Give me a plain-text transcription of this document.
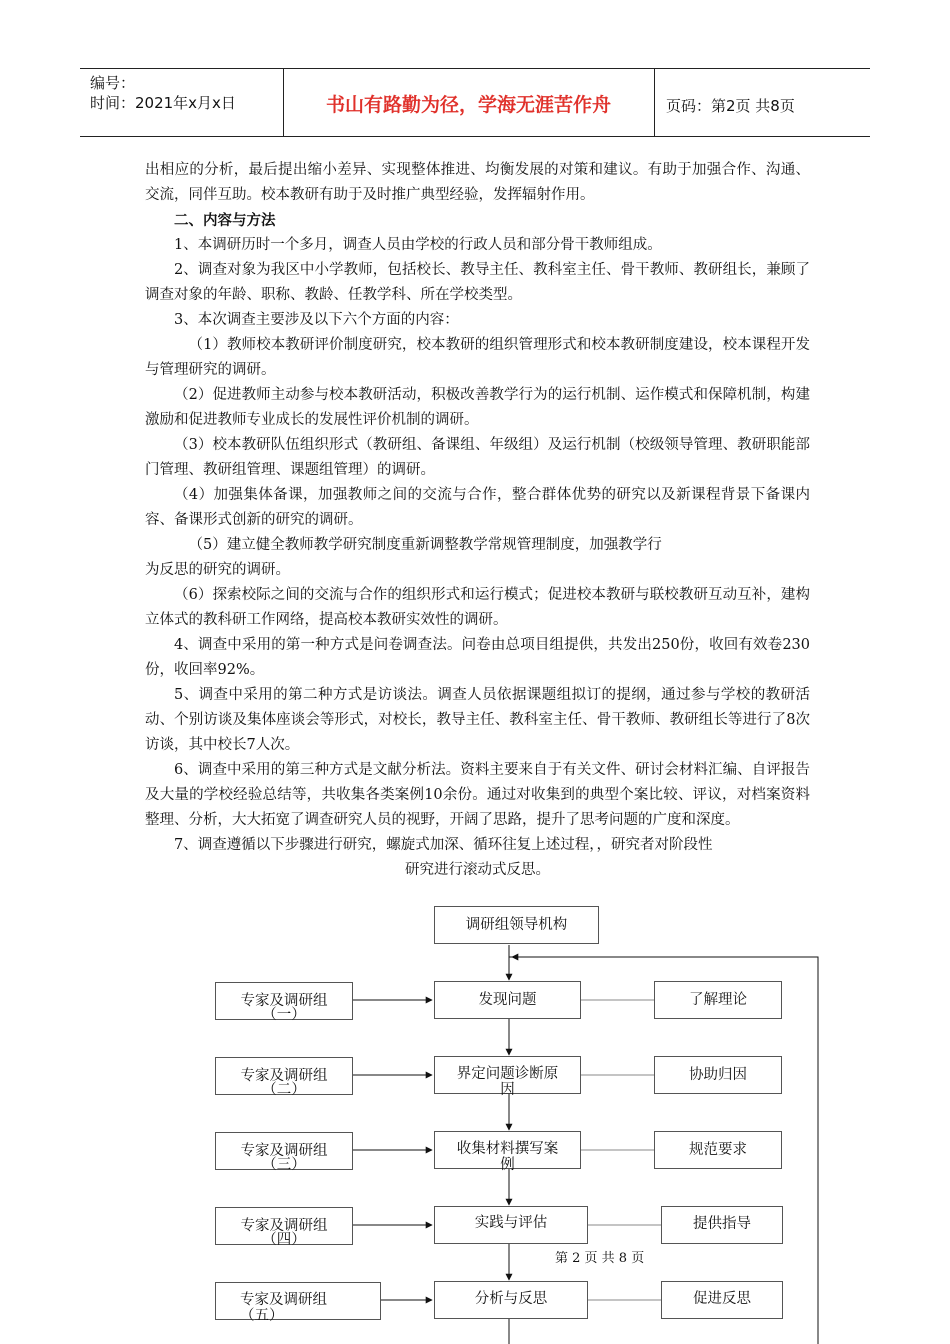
编号：
时间：2021年x月x日	书山有路勤为径，学海无涯苦作舟	页码：第2页 共8页

出相应的分析，最后提出缩小差异、实现整体推进、均衡发展的对策和建议。有助于加强合作、沟通、交流，同伴互助。校本教研有助于及时推广典型经验，发挥辐射作用。

二、内容与方法

1、本调研历时一个多月，调查人员由学校的行政人员和部分骨干教师组成。

2、调查对象为我区中小学教师，包括校长、教导主任、教科室主任、骨干教师、教研组长，兼顾了调查对象的年龄、职称、教龄、任教学科、所在学校类型。

3、本次调查主要涉及以下六个方面的内容：

（1）教师校本教研评价制度研究，校本教研的组织管理形式和校本教研制度建设，校本课程开发与管理研究的调研。

（2）促进教师主动参与校本教研活动，积极改善教学行为的运行机制、运作模式和保障机制，构建激励和促进教师专业成长的发展性评价机制的调研。

（3）校本教研队伍组织形式（教研组、备课组、年级组）及运行机制（校级领导管理、教研职能部门管理、教研组管理、课题组管理）的调研。

（4）加强集体备课，加强教师之间的交流与合作，整合群体优势的研究以及新课程背景下备课内容、备课形式创新的研究的调研。

（5）建立健全教师教学研究制度重新调整教学常规管理制度，加强教学行

为反思的研究的调研。

（6）探索校际之间的交流与合作的组织形式和运行模式；促进校本教研与联校教研互动互补，建构立体式的教科研工作网络，提高校本教研实效性的调研。

4、调查中采用的第一种方式是问卷调查法。问卷由总项目组提供，共发出250份，收回有效卷230份，收回率92%。

5、调查中采用的第二种方式是访谈法。调查人员依据课题组拟订的提纲，通过参与学校的教研活动、个别访谈及集体座谈会等形式，对校长，教导主任、教科室主任、骨干教师、教研组长等进行了8次访谈，其中校长7人次。

6、调查中采用的第三种方式是文献分析法。资料主要来自于有关文件、研讨会材料汇编、自评报告及大量的学校经验总结等，共收集各类案例10余份。通过对收集到的典型个案比较、评议，对档案资料整理、分析，大大拓宽了调查研究人员的视野，开阔了思路，提升了思考问题的广度和深度。

7、调查遵循以下步骤进行研究，螺旋式加深、循环往复上述过程，，研究者对阶段性

研究进行滚动式反思。

调研组领导机构
发现问题
界定问题诊断原
因
收集材料撰写案
例
实践与评估
分析与反思
专家及调研组
（一）
专家及调研组
（二）
专家及调研组
（三）
专家及调研组
（四）
专家及调研组
（五）
了解理论
协助归因
规范要求
提供指导
促进反思
第 2 页 共 8 页
